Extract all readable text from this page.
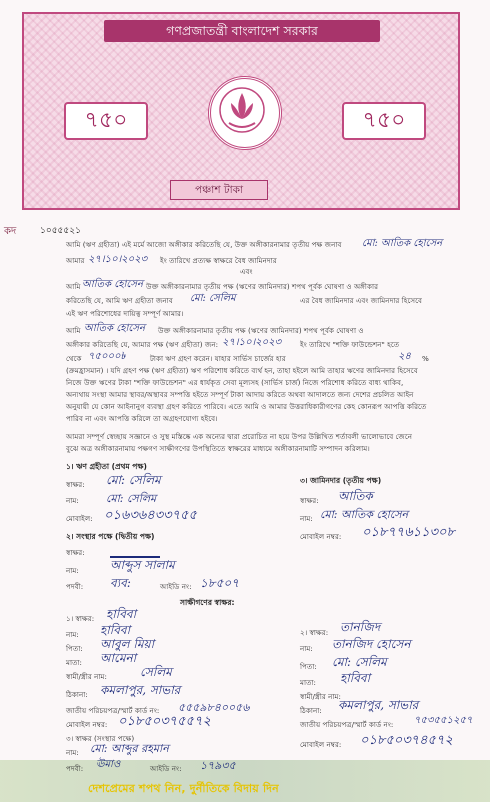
গণপ্রজাতন্ত্রী বাংলাদেশ সরকার
৭৫০	৭৫০
পঞ্চাশ টাকা
কদ	১০৫৫৫২১
আমি (ঋণ গ্রহীতা) এই মর্মে আজো অঙ্গীকার করিতেছি যে, উক্ত অঙ্গীকারনামার তৃতীয় পক্ষ জনাব মো: আতিক হোসেন
আমার ২৭।১০।২০২৩ ইং তারিখে প্রত্যক্ষ স্বাক্ষরে বৈধ জামিনদার
এবং
আমি আতিক হোসেন উক্ত অঙ্গীকারনামার তৃতীয় পক্ষ (ঋণের জামিনদার) শপথ পূর্বক ঘোষণা ও অঙ্গীকার
করিতেছি যে, আমি ঋণ গ্রহীতা জনাব মো: সেলিম	এর বৈধ জামিনদার এবং জামিনদার হিসেবে
এই ঋণ পরিশোধের দায়িত্ব সম্পূর্ণ আমার।
আমি আতিক হোসেন উক্ত অঙ্গীকারনামার তৃতীয় পক্ষ (ঋণের জামিনদার) শপথ পূর্বক ঘোষণা ও
অঙ্গীকার করিতেছি যে, আমার পক্ষ (ঋণ গ্রহীতা) জন: ২৭।১০।২০২৩	ইং তারিখে "শক্তি ফাউন্ডেশন" হতে
থেকে ৭৫০০০৳	টাকা ঋণ গ্রহণ করেন। যাহার সার্ভিস চার্জের হার	২৪ %
(ক্রমহ্রাসমান) । যদি গ্রহণ পক্ষ (ঋণ গ্রহীতা) ঋণ পরিশোধ করিতে ব্যর্থ হন, তাহা হইলে আমি তাহার ঋণের জামিনদার হিসেবে
নিজে উক্ত ঋণের টাকা "শক্তি ফাউন্ডেশন" এর ধার্যকৃত সেবা মূল্যসহ (সার্ভিস চার্জ) নিজে পরিশোধ করিতে বাধ্য থাকিব,
অন্যথায় সংস্থা আমার স্থাবর/অস্থাবর সম্পত্তি হইতে সম্পূর্ণ টাকা আদায় করিতে অথবা আদালতে জন্য দেশের প্রচলিত আইন
অনুযায়ী যে কোন আইনানুগ ব্যবস্থা গ্রহণ করিতে পারিবে। এতে আমি ও আমার উত্তরাধিকারীগণের কেহ কোনরূপ আপত্তি করিতে
পারিব না এবং আপত্তি করিলে তা অগ্রহণযোগ্য হইবে।
আমরা সম্পূর্ণ স্বেচ্ছায় সজ্ঞানে ও সুস্থ মস্তিষ্কে এক অন্যের দ্বারা প্ররোচিত না হয়ে উপর উল্লিখিত শর্তাবলী ভালোভাবে জেনে
বুঝে অত্র অঙ্গীকারনামায় পক্ষগণ সাক্ষীগণের উপস্থিতিতে স্বাক্ষরের মাধ্যমে অঙ্গীকারনামাটি সম্পাদন করিলাম।
১। ঋণ গ্রহীতা (প্রথম পক্ষ)
স্বাক্ষর: মো: সেলিম
নাম: মো: সেলিম
মোবাইল: ০১৬৩৬৪৩৩৭৫৫
৩। জামিনদার (তৃতীয় পক্ষ)
স্বাক্ষর: আতিক
নাম: মো: আতিক হোসেন
মোবাইল নম্বর: ০১৮৭৭৬১১৩০৮
২। সংস্থার পক্ষে (দ্বিতীয় পক্ষ)
স্বাক্ষর:
নাম:	আব্দুস সালাম
পদবী: ব্যব:	আইডি নং: ১৮৫০৭
সাক্ষীগণের স্বাক্ষর:
১। স্বাক্ষর: হাবিবা
নাম: হাবিবা
পিতা: আবুল মিয়া
মাতা: আমেনা
স্বামী/স্ত্রীর নাম:	সেলিম
ঠিকানা: কমলাপুর, সাভার
জাতীয় পরিচয়পত্র/স্মার্ট কার্ড নং: ৫৫৫৯৮৪০০৫৬
মোবাইল নম্বর: ০১৮৫০৩৭৫৫৭২
৩। স্বাক্ষর (সংস্থার পক্ষে)
নাম: মো: আব্দুর রহমান
২। স্বাক্ষর: তানজিদ
নাম: তানজিদ হোসেন
পিতা: মো: সেলিম
মাতা: হাবিবা
স্বামী/স্ত্রীর নাম:
ঠিকানা: কমলাপুর, সাভার
জাতীয় পরিচয়পত্র/স্মার্ট কার্ড নং: ৭৫৩৫৫১২৫৭
মোবাইল নম্বর: ০১৮৫০৩৭৪৫৭২
পদবী: ঊমাও	আইডি নং: ১৭৯৩৫
দেশপ্রেমের শপথ নিন, দুর্নীতিকে বিদায় দিন
